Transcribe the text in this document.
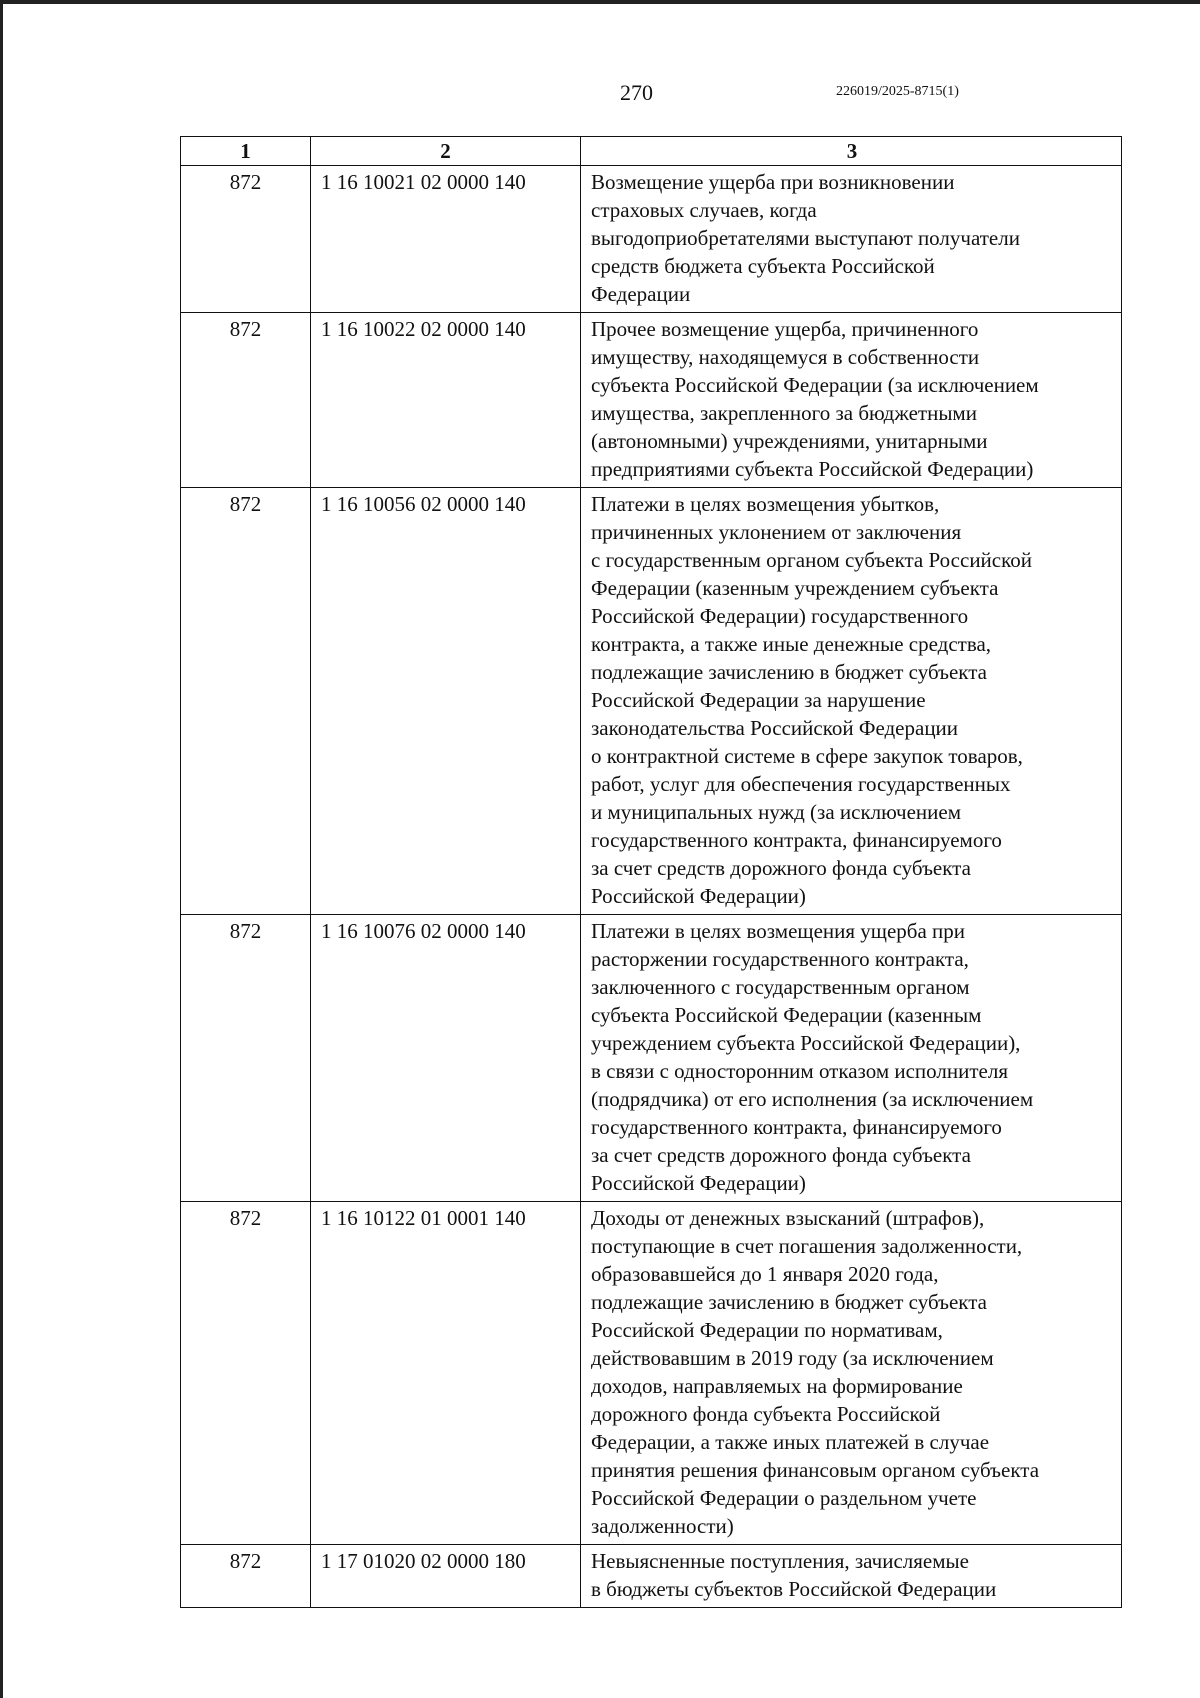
270	226019/2025-8715(1)
1	2	3
872	1 16 10021 02 0000 140	Возмещение ущерба при возникновении
страховых случаев, когда
выгодоприобретателями выступают получатели
средств бюджета субъекта Российской
Федерации
872	1 16 10022 02 0000 140	Прочее возмещение ущерба, причиненного
имуществу, находящемуся в собственности
субъекта Российской Федерации (за исключением
имущества, закрепленного за бюджетными
(автономными) учреждениями, унитарными
предприятиями субъекта Российской Федерации)
872	1 16 10056 02 0000 140	Платежи в целях возмещения убытков,
причиненных уклонением от заключения
с государственным органом субъекта Российской
Федерации (казенным учреждением субъекта
Российской Федерации) государственного
контракта, а также иные денежные средства,
подлежащие зачислению в бюджет субъекта
Российской Федерации за нарушение
законодательства Российской Федерации
о контрактной системе в сфере закупок товаров,
работ, услуг для обеспечения государственных
и муниципальных нужд (за исключением
государственного контракта, финансируемого
за счет средств дорожного фонда субъекта
Российской Федерации)
872	1 16 10076 02 0000 140	Платежи в целях возмещения ущерба при
расторжении государственного контракта,
заключенного с государственным органом
субъекта Российской Федерации (казенным
учреждением субъекта Российской Федерации),
в связи с односторонним отказом исполнителя
(подрядчика) от его исполнения (за исключением
государственного контракта, финансируемого
за счет средств дорожного фонда субъекта
Российской Федерации)
872	1 16 10122 01 0001 140	Доходы от денежных взысканий (штрафов),
поступающие в счет погашения задолженности,
образовавшейся до 1 января 2020 года,
подлежащие зачислению в бюджет субъекта
Российской Федерации по нормативам,
действовавшим в 2019 году (за исключением
доходов, направляемых на формирование
дорожного фонда субъекта Российской
Федерации, а также иных платежей в случае
принятия решения финансовым органом субъекта
Российской Федерации о раздельном учете
задолженности)
872	1 17 01020 02 0000 180	Невыясненные поступления, зачисляемые
в бюджеты субъектов Российской Федерации
